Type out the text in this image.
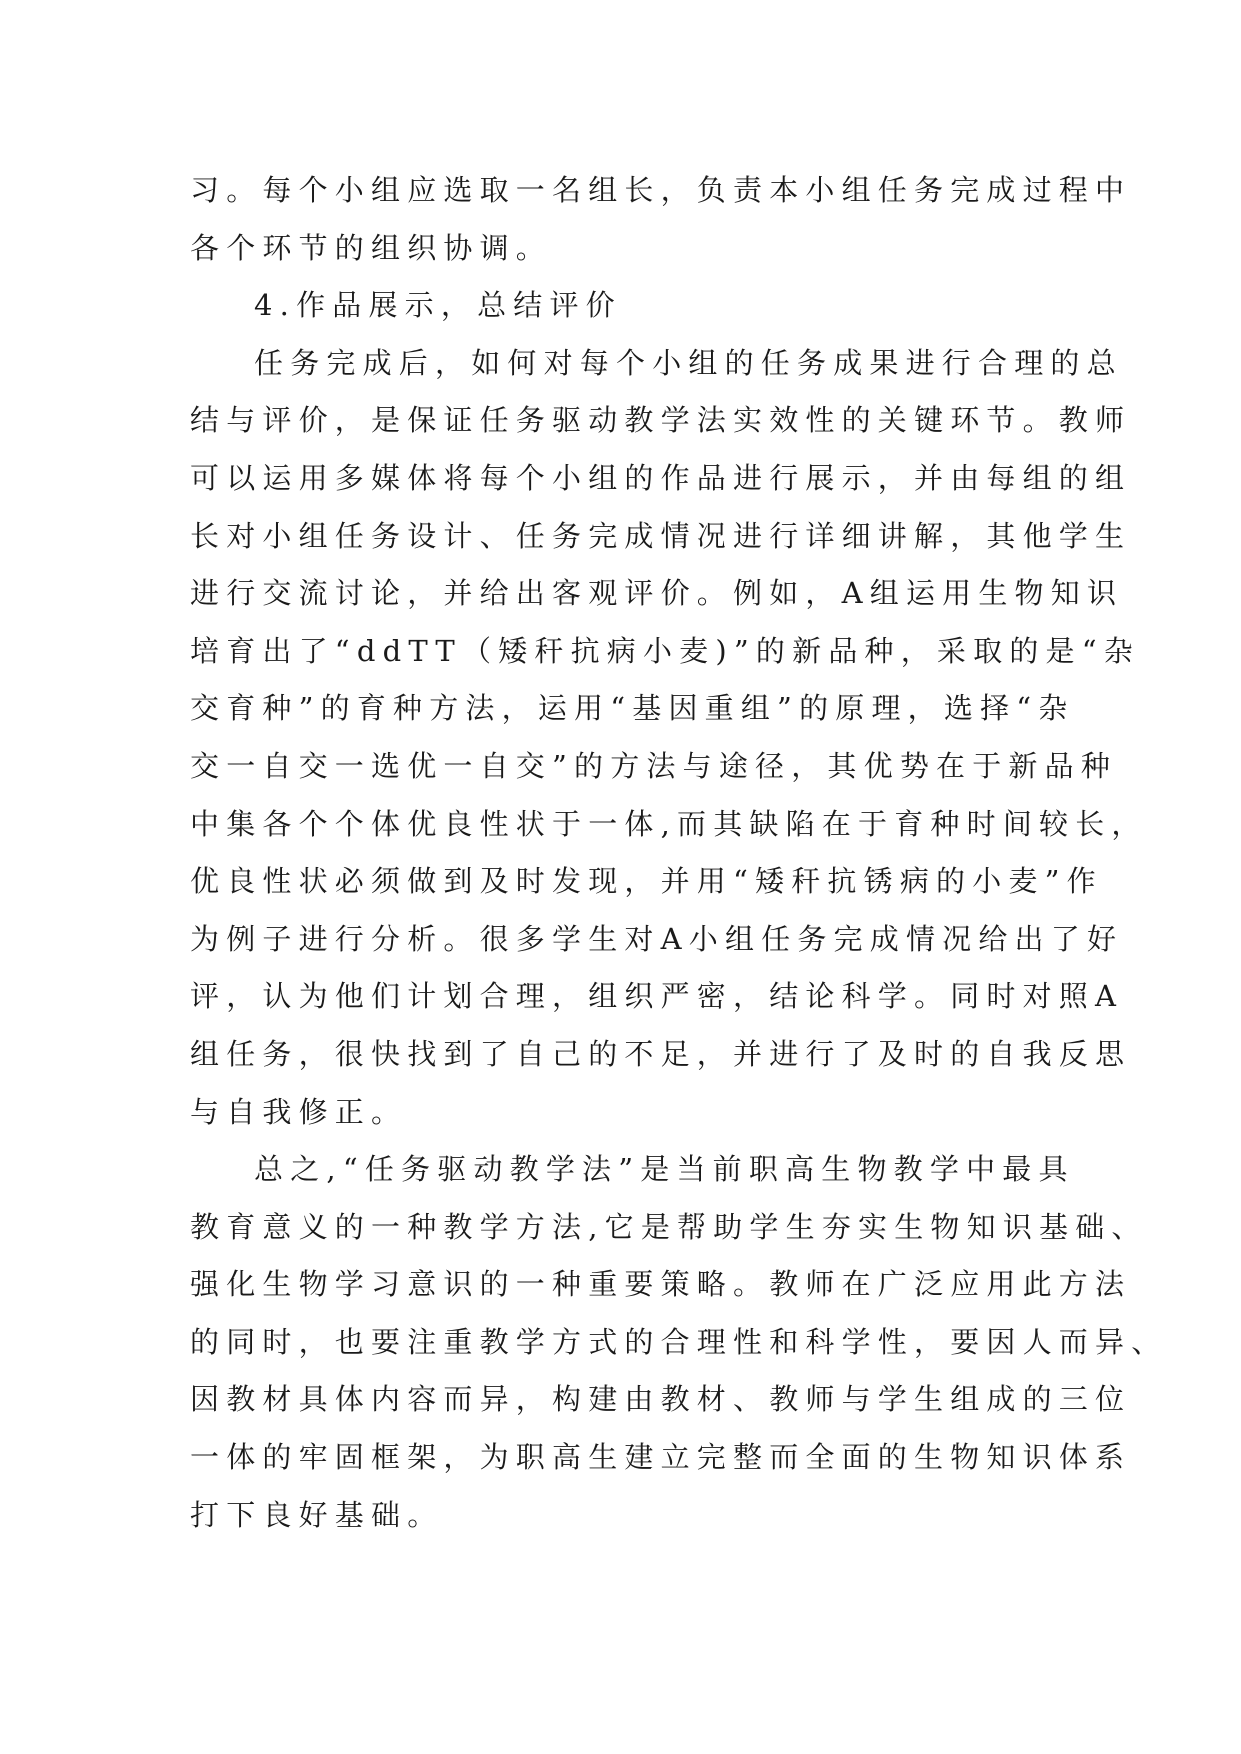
习。每个小组应选取一名组长，负责本小组任务完成过程中
各个环节的组织协调。
4.作品展示，总结评价
任务完成后，如何对每个小组的任务成果进行合理的总
结与评价，是保证任务驱动教学法实效性的关键环节。教师
可以运用多媒体将每个小组的作品进行展示，并由每组的组
长对小组任务设计、任务完成情况进行详细讲解，其他学生
进行交流讨论，并给出客观评价。例如，A组运用生物知识
培育出了“ddTT（矮秆抗病小麦)”的新品种，采取的是“杂
交育种”的育种方法，运用“基因重组”的原理，选择“杂
交一自交一选优一自交”的方法与途径，其优势在于新品种
中集各个个体优良性状于一体,而其缺陷在于育种时间较长，
优良性状必须做到及时发现，并用“矮秆抗锈病的小麦”作
为例子进行分析。很多学生对A小组任务完成情况给出了好
评，认为他们计划合理，组织严密，结论科学。同时对照A
组任务，很快找到了自己的不足，并进行了及时的自我反思
与自我修正。
总之,“任务驱动教学法”是当前职高生物教学中最具
教育意义的一种教学方法,它是帮助学生夯实生物知识基础、
强化生物学习意识的一种重要策略。教师在广泛应用此方法
的同时，也要注重教学方式的合理性和科学性，要因人而异、
因教材具体内容而异，构建由教材、教师与学生组成的三位
一体的牢固框架，为职高生建立完整而全面的生物知识体系
打下良好基础。
